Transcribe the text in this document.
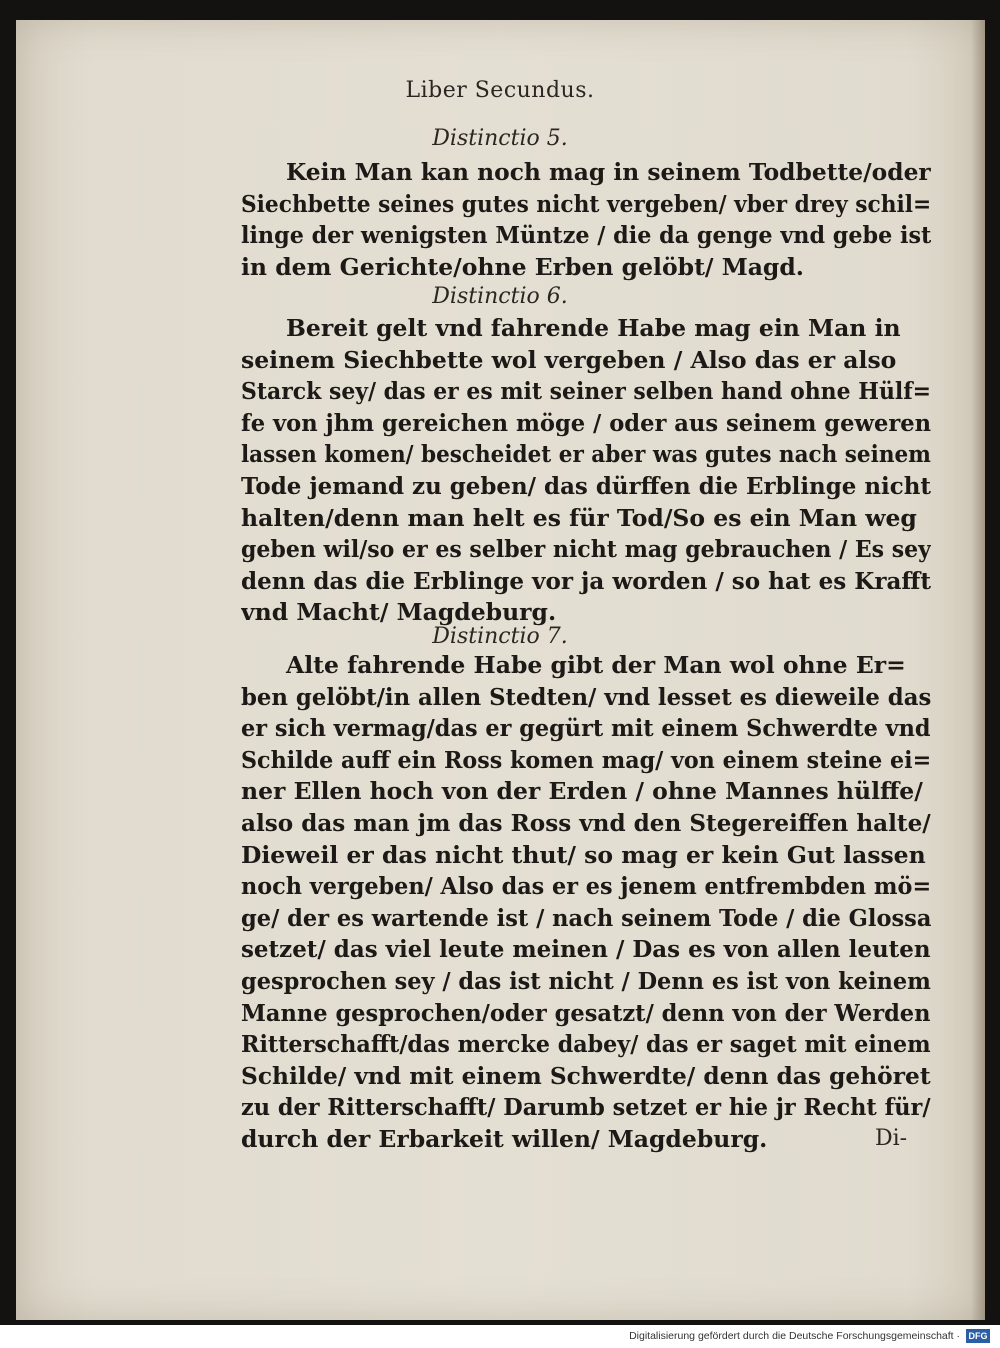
Liber Secundus.
Distinctio 5.
Kein Man kan noch mag in seinem Todbette/oder
Siechbette seines gutes nicht vergeben/ vber drey schil=
linge der wenigsten Müntze / die da genge vnd gebe ist
in dem Gerichte/ohne Erben gelöbt/ Magd.
Distinctio 6.
Bereit gelt vnd fahrende Habe mag ein Man in
seinem Siechbette wol vergeben / Also das er also
Starck sey/ das er es mit seiner selben hand ohne Hülf=
fe von jhm gereichen möge / oder aus seinem geweren
lassen komen/ bescheidet er aber was gutes nach seinem
Tode jemand zu geben/ das dürffen die Erblinge nicht
halten/denn man helt es für Tod/So es ein Man weg
geben wil/so er es selber nicht mag gebrauchen / Es sey
denn das die Erblinge vor ja worden / so hat es Krafft
vnd Macht/ Magdeburg.
Distinctio 7.
Alte fahrende Habe gibt der Man wol ohne Er=
ben gelöbt/in allen Stedten/ vnd lesset es dieweile das
er sich vermag/das er gegürt mit einem Schwerdte vnd
Schilde auff ein Ross komen mag/ von einem steine ei=
ner Ellen hoch von der Erden / ohne Mannes hülffe/
also das man jm das Ross vnd den Stegereiffen halte/
Dieweil er das nicht thut/ so mag er kein Gut lassen
noch vergeben/ Also das er es jenem entfrembden mö=
ge/ der es wartende ist / nach seinem Tode / die Glossa
setzet/ das viel leute meinen / Das es von allen leuten
gesprochen sey / das ist nicht / Denn es ist von keinem
Manne gesprochen/oder gesatzt/ denn von der Werden
Ritterschafft/das mercke dabey/ das er saget mit einem
Schilde/ vnd mit einem Schwerdte/ denn das gehöret
zu der Ritterschafft/ Darumb setzet er hie jr Recht für/
durch der Erbarkeit willen/ Magdeburg.	Di-
Digitalisierung gefördert durch die Deutsche Forschungsgemeinschaft · DFG
